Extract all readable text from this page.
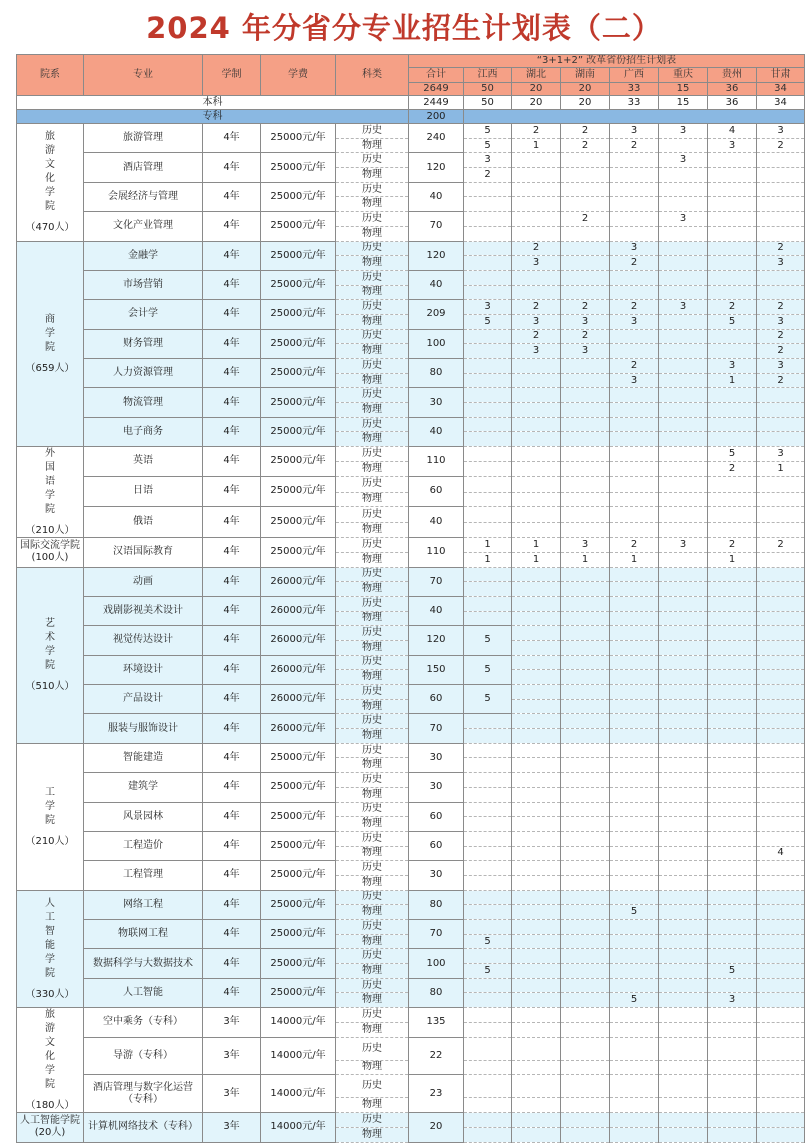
2024 年分省分专业招生计划表（二）
院系	专业	学制	学费	科类	“3+1+2” 改革省份招生计划表							
					合计	江西	湖北	湖南	广西	重庆	贵州	甘肃
					2649	50	20	20	33	15	36	34
本科					2449	50	20	20	33	15	36	34
专科					200							
旅游文化学院
（470人）	旅游管理	4年	25000元/年	历史	240	5	2	2	3	3	4	3
				物理		5	1	2	2		3	2
	酒店管理	4年	25000元/年	历史	120	3				3		
				物理		2						
	会展经济与管理	4年	25000元/年	历史	40							
				物理								
	文化产业管理	4年	25000元/年	历史	70			2		3		
				物理								
商学院
（659人）	金融学	4年	25000元/年	历史	120		2		3			2
				物理			3		2			3
	市场营销	4年	25000元/年	历史	40							
				物理								
	会计学	4年	25000元/年	历史	209	3	2	2	2	3	2	2
				物理		5	3	3	3		5	3
	财务管理	4年	25000元/年	历史	100		2	2				2
				物理			3	3				2
	人力资源管理	4年	25000元/年	历史	80				2		3	3
				物理					3		1	2
	物流管理	4年	25000元/年	历史	30							
				物理								
	电子商务	4年	25000元/年	历史	40							
				物理								
外国语学院
（210人）	英语	4年	25000元/年	历史	110						5	3
				物理							2	1
	日语	4年	25000元/年	历史	60							
				物理								
	俄语	4年	25000元/年	历史	40							
				物理								
国际交流学院(100人)	汉语国际教育	4年	25000元/年	历史	110	1	1	3	2	3	2	2
				物理		1	1	1	1		1	
艺术学院
（510人）	动画	4年	26000元/年	历史	70							
				物理								
	戏剧影视美术设计	4年	26000元/年	历史	40							
				物理								
	视觉传达设计	4年	26000元/年	历史	120	5						
				物理								
	环境设计	4年	26000元/年	历史	150	5						
				物理								
	产品设计	4年	26000元/年	历史	60	5						
				物理								
	服装与服饰设计	4年	26000元/年	历史	70							
				物理								
工学院
（210人）	智能建造	4年	25000元/年	历史	30							
				物理								
	建筑学	4年	25000元/年	历史	30							
				物理								
	风景园林	4年	25000元/年	历史	60							
				物理								
	工程造价	4年	25000元/年	历史	60							
				物理								4
	工程管理	4年	25000元/年	历史	30							
				物理								
人工智能学院
（330人）	网络工程	4年	25000元/年	历史	80							
				物理					5			
	物联网工程	4年	25000元/年	历史	70							
				物理		5						
	数据科学与大数据技术	4年	25000元/年	历史	100							
				物理		5					5	
	人工智能	4年	25000元/年	历史	80							
				物理					5		3	
旅游文化学院
（180人）	空中乘务（专科）	3年	14000元/年	历史	135							
				物理								
	导游（专科）	3年	14000元/年	历史	22							
				物理								
	酒店管理与数字化运营（专科）	3年	14000元/年	历史	23							
				物理								
人工智能学院(20人)	计算机网络技术（专科）	3年	14000元/年	历史	20							
				物理								
